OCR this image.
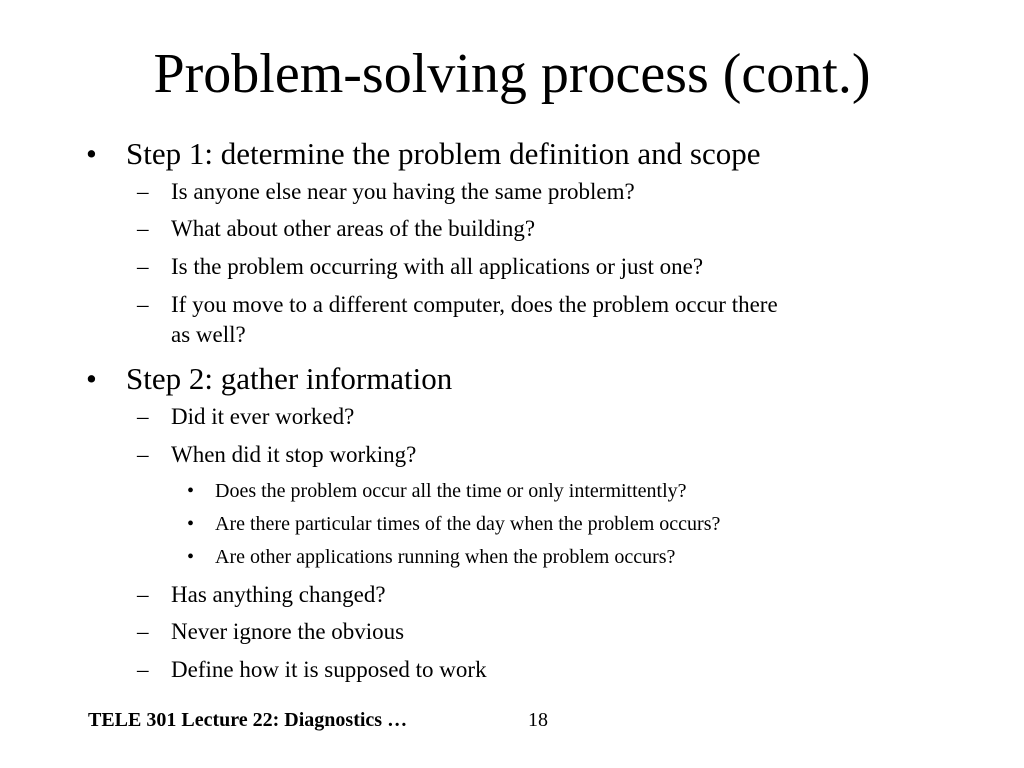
Problem-solving process (cont.)
• Step 1: determine the problem definition and scope
– Is anyone else near you having the same problem?
– What about other areas of the building?
– Is the problem occurring with all applications or just one?
– If you move to a different computer, does the problem occur there
as well?
• Step 2: gather information
– Did it ever worked?
– When did it stop working?
• Does the problem occur all the time or only intermittently?
• Are there particular times of the day when the problem occurs?
• Are other applications running when the problem occurs?
– Has anything changed?
– Never ignore the obvious
– Define how it is supposed to work
TELE 301 Lecture 22: Diagnostics …	18
